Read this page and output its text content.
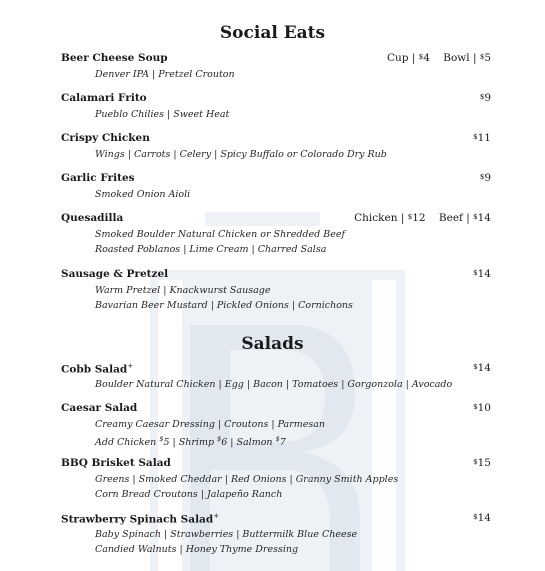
Social Eats
Beer Cheese Soup	Cup | $4    Bowl | $5
Denver IPA | Pretzel Crouton
Calamari Frito	$9
Pueblo Chilies | Sweet Heat
Crispy Chicken	$11
Wings | Carrots | Celery | Spicy Buffalo or Colorado Dry Rub
Garlic Frites	$9
Smoked Onion Aioli
Quesadilla	Chicken | $12    Beef | $14
Smoked Boulder Natural Chicken or Shredded Beef
Roasted Poblanos | Lime Cream | Charred Salsa
Sausage & Pretzel	$14
Warm Pretzel | Knackwurst Sausage
Bavarian Beer Mustard | Pickled Onions | Cornichons
Salads
Cobb Salad+	$14
Boulder Natural Chicken | Egg | Bacon | Tomatoes | Gorgonzola | Avocado
Caesar Salad	$10
Creamy Caesar Dressing | Croutons | Parmesan
Add Chicken $5 | Shrimp $6 | Salmon $7
BBQ Brisket Salad	$15
Greens | Smoked Cheddar | Red Onions | Granny Smith Apples
Corn Bread Croutons | Jalapeño Ranch
Strawberry Spinach Salad+	$14
Baby Spinach | Strawberries | Buttermilk Blue Cheese
Candied Walnuts | Honey Thyme Dressing
